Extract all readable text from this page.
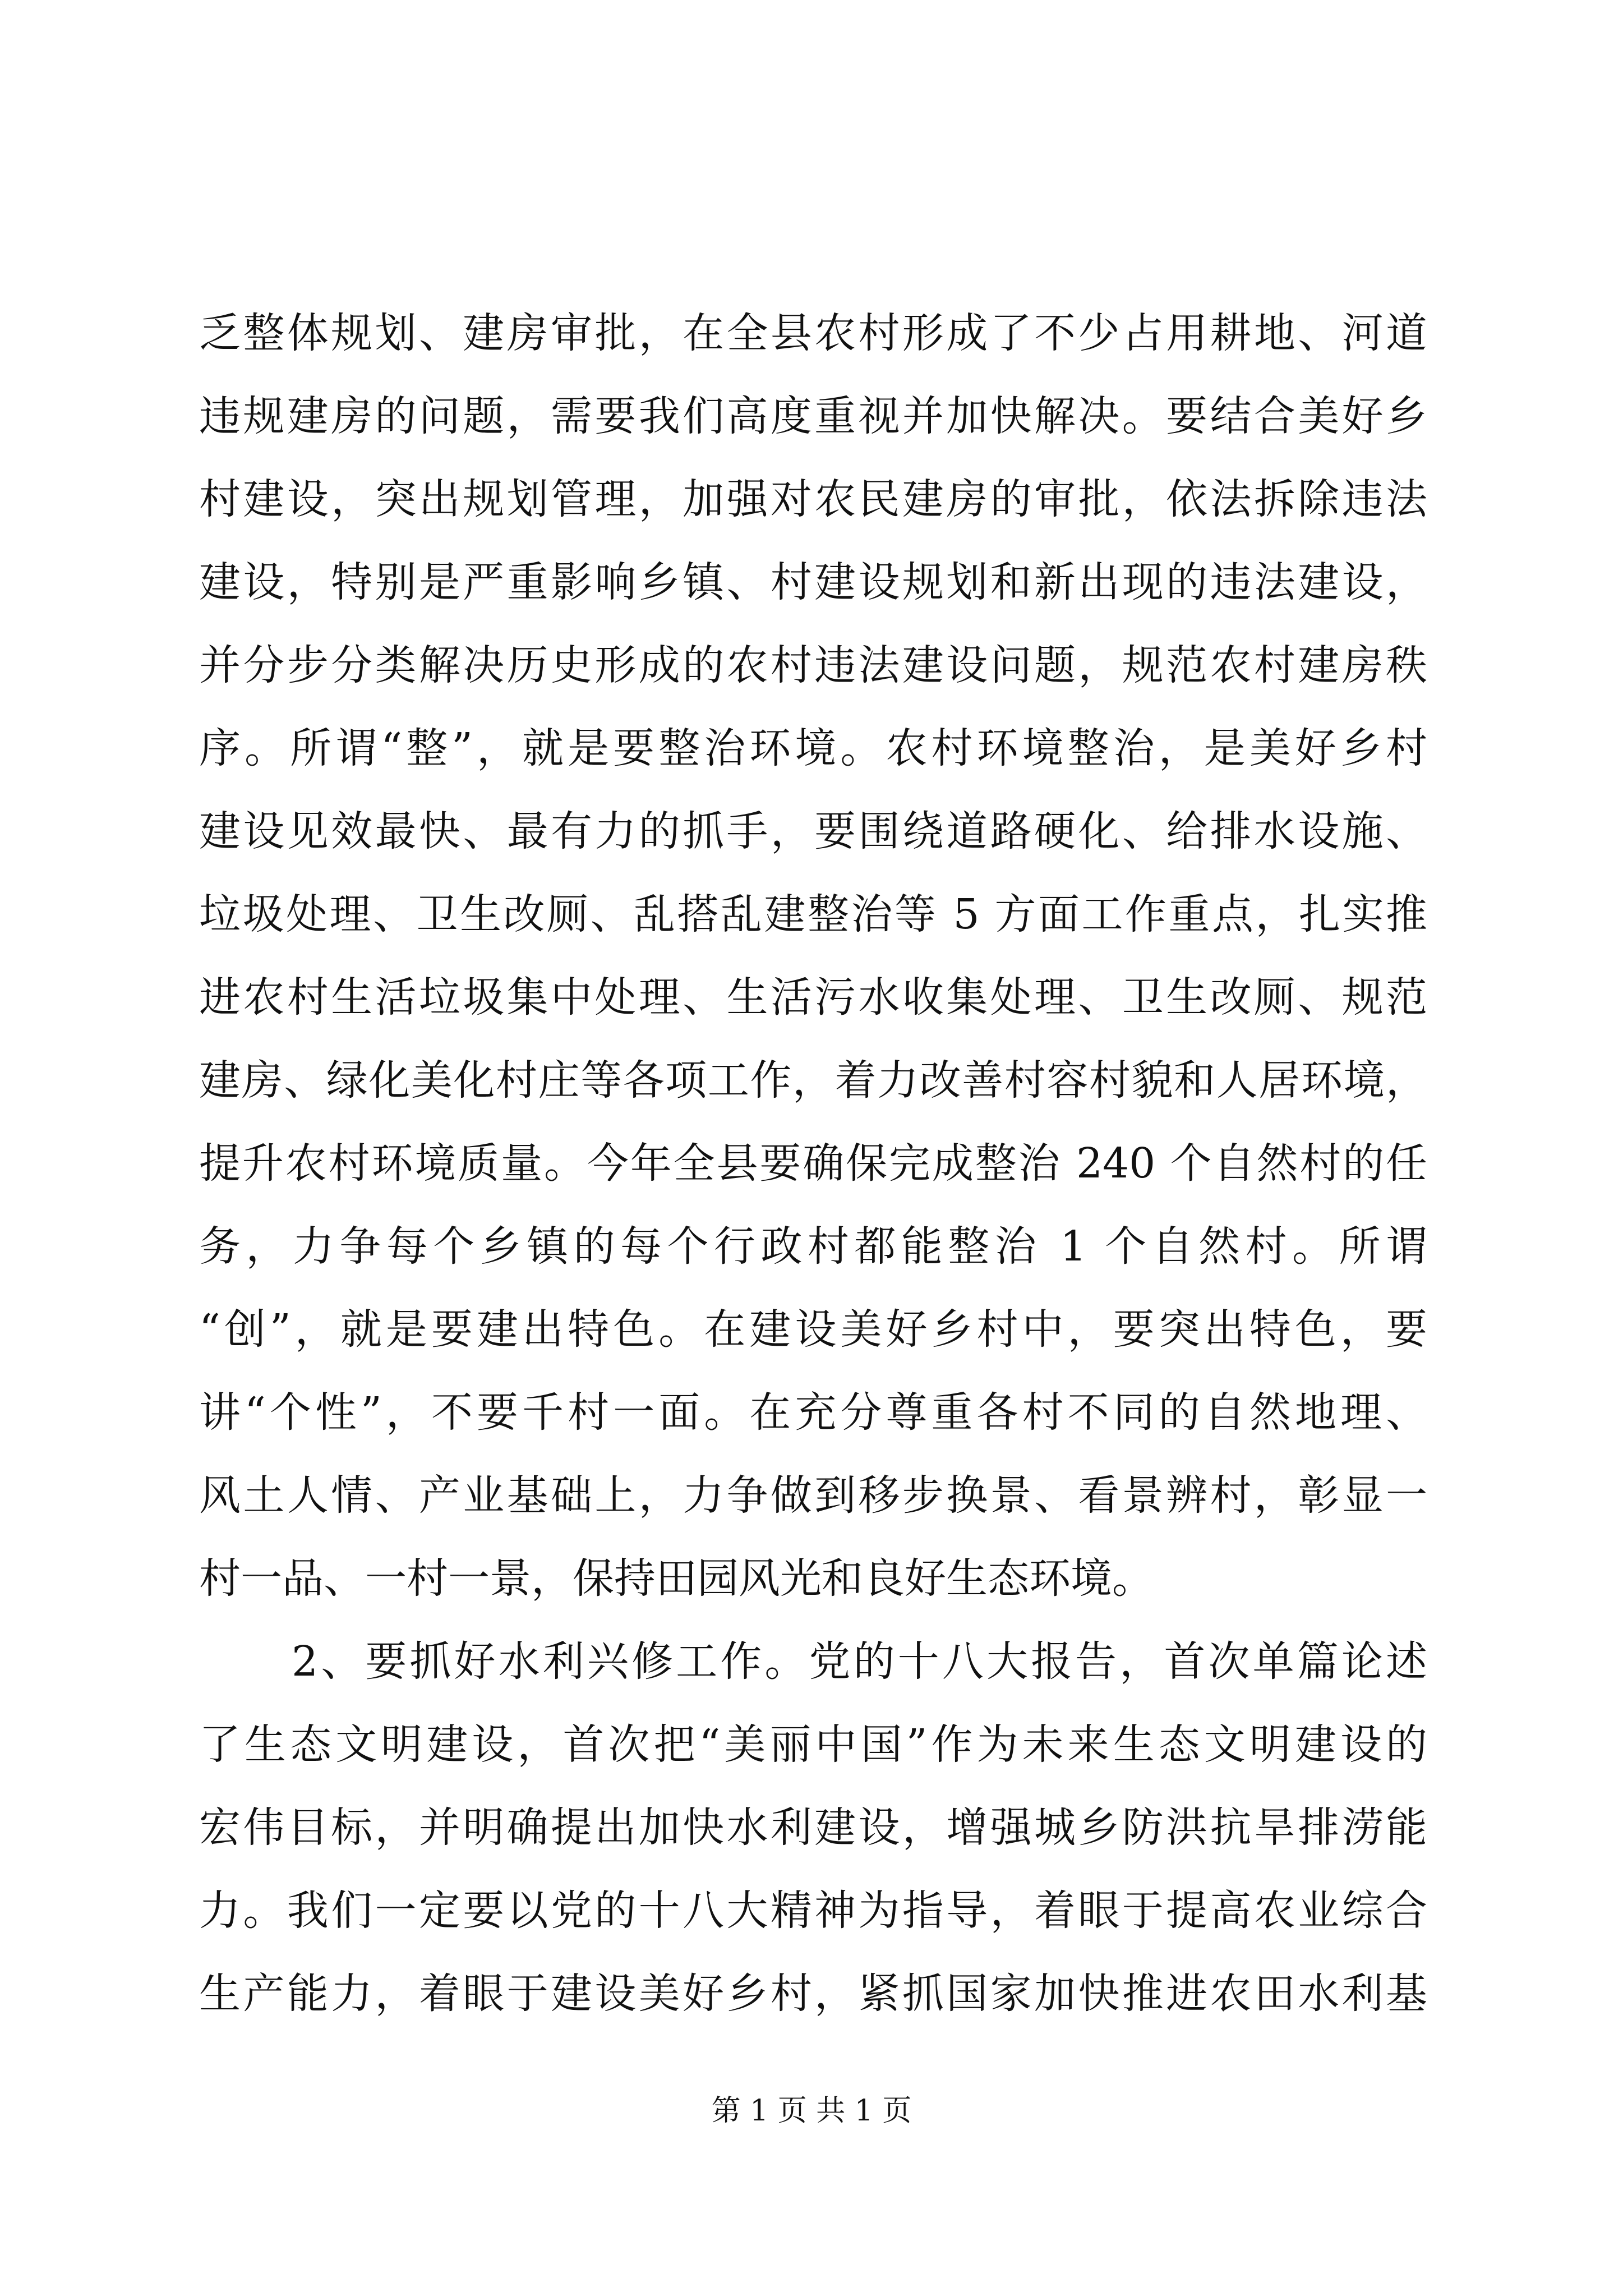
乏整体规划、建房审批，在全县农村形成了不少占用耕地、河道
违规建房的问题，需要我们高度重视并加快解决。要结合美好乡
村建设，突出规划管理，加强对农民建房的审批，依法拆除违法
建设，特别是严重影响乡镇、村建设规划和新出现的违法建设，
并分步分类解决历史形成的农村违法建设问题，规范农村建房秩
序。所谓“整”，就是要整治环境。农村环境整治，是美好乡村
建设见效最快、最有力的抓手，要围绕道路硬化、给排水设施、
垃圾处理、卫生改厕、乱搭乱建整治等 5 方面工作重点，扎实推
进农村生活垃圾集中处理、生活污水收集处理、卫生改厕、规范
建房、绿化美化村庄等各项工作，着力改善村容村貌和人居环境，
提升农村环境质量。今年全县要确保完成整治 240 个自然村的任
务，力争每个乡镇的每个行政村都能整治 1 个自然村。所谓
“创”，就是要建出特色。在建设美好乡村中，要突出特色，要
讲“个性”，不要千村一面。在充分尊重各村不同的自然地理、
风土人情、产业基础上，力争做到移步换景、看景辨村，彰显一
村一品、一村一景，保持田园风光和良好生态环境。
2、要抓好水利兴修工作。党的十八大报告，首次单篇论述
了生态文明建设，首次把“美丽中国”作为未来生态文明建设的
宏伟目标，并明确提出加快水利建设，增强城乡防洪抗旱排涝能
力。我们一定要以党的十八大精神为指导，着眼于提高农业综合
生产能力，着眼于建设美好乡村，紧抓国家加快推进农田水利基
第 1 页 共 1 页
